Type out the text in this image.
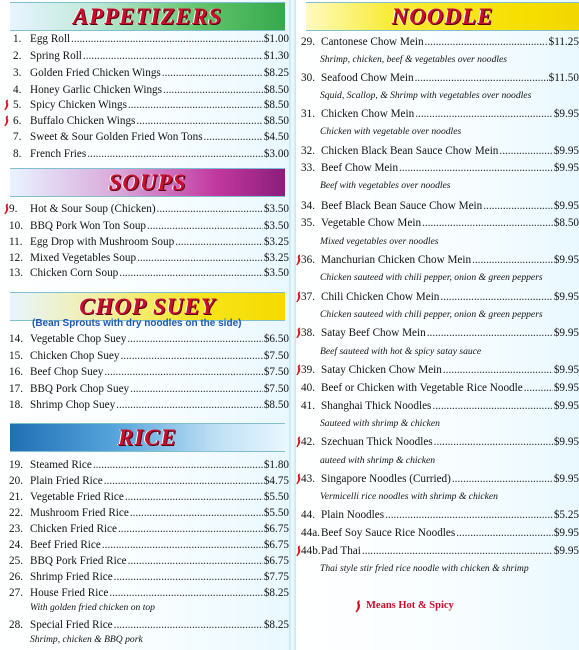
APPETIZERS
1. Egg Roll .....	$1.00
2. Spring Roll .....	$1.30
3. Golden Fried Chicken Wings .....	$8.25
4. Honey Garlic Chicken Wings .....	$8.50
5. Spicy Chicken Wings .....	$8.50
6. Buffalo Chicken Wings .....	$8.50
7. Sweet & Sour Golden Fried Won Tons .....	$4.50
8. French Fries .....	$3.00
SOUPS
9.	Hot & Sour Soup (Chicken) .....	$3.50
10. BBQ Pork Won Ton Soup .....	$3.50
11. Egg Drop with Mushroom Soup .....	$3.25
12. Mixed Vegetables Soup .....	$3.25
13. Chicken Corn Soup .....	$3.50
CHOP SUEY
(Bean Sprouts with dry noodles on the side)
14. Vegetable Chop Suey .....	$6.50
15. Chicken Chop Suey .....	$7.50
16. Beef Chop Suey .....	$7.50
17. BBQ Pork Chop Suey .....	$7.50
18. Shrimp Chop Suey .....	$8.50
RICE
19. Steamed Rice .....	$1.80
20. Plain Fried Rice .....	$4.75
21. Vegetable Fried Rice .....	$5.50
22. Mushroom Fried Rice .....	$5.50
23. Chicken Fried Rice .....	$6.75
24. Beef Fried Rice .....	$6.75
25. BBQ Pork Fried Rice .....	$6.75
26. Shrimp Fried Rice .....	$7.75
27. House Fried Rice .....	$8.25
With golden fried chicken on top
28. Special Fried Rice .....	$8.25
Shrimp, chicken & BBQ pork
NOODLE
29. Cantonese Chow Mein .....	$11.25
Shrimp, chicken, beef & vegetables over noodles
30. Seafood Chow Mein .....	$11.50
Squid, Scallop, & Shrimp with vegetables over noodles
31. Chicken Chow Mein .....	$9.95
Chicken with vegetable over noodles
32. Chicken Black Bean Sauce Chow Mein .....	$9.95
33. Beef Chow Mein .....	$9.95
Beef with vegetables over noodles
34. Beef Black Bean Sauce Chow Mein .....	$9.95
35. Vegetable Chow Mein .....	$8.50
Mixed vegetables over noodles
36. Manchurian Chicken Chow Mein .....	$9.95
Chicken sauteed with chili pepper, onion & green peppers
37. Chili Chicken Chow Mein .....	$9.95
Chicken sauteed with chili pepper, onion & green peppers
38. Satay Beef Chow Mein .....	$9.95
Beef sauteed with hot & spicy satay sauce
39. Satay Chicken Chow Mein .....	$9.95
40. Beef or Chicken with Vegetable Rice Noodle .....	$9.95
41. Shanghai Thick Noodles .....	$9.95
Sauteed with shrimp & chicken
42. Szechuan Thick Noodles .....	$9.95
auteed with shrimp & chicken
43. Singapore Noodles (Curried) .....	$9.95
Vermicelli rice noodles with shrimp & chicken
44. Plain Noodles .....	$5.25
44a. Beef Soy Sauce Rice Noodles .....	$9.95
44b. Pad Thai .....	$9.95
Thai style stir fried rice noodle with chicken & shrimp
Means Hot & Spicy
